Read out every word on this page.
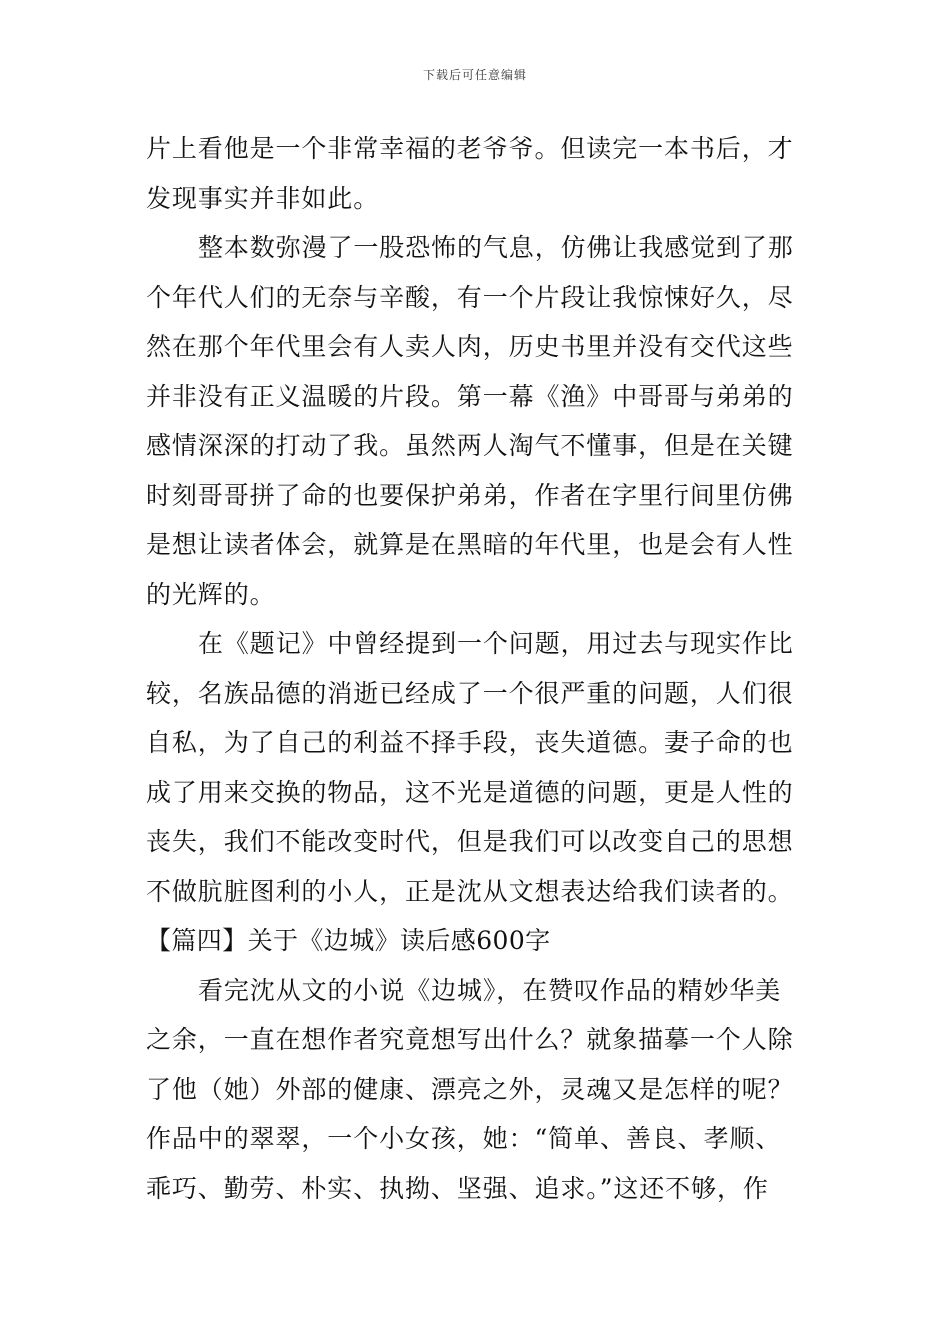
下载后可任意编辑
片上看他是一个非常幸福的老爷爷。但读完一本书后，才
发现事实并非如此。
整本数弥漫了一股恐怖的气息，仿佛让我感觉到了那
个年代人们的无奈与辛酸，有一个片段让我惊悚好久，尽
然在那个年代里会有人卖人肉，历史书里并没有交代这些
并非没有正义温暖的片段。第一幕《渔》中哥哥与弟弟的
感情深深的打动了我。虽然两人淘气不懂事，但是在关键
时刻哥哥拼了命的也要保护弟弟，作者在字里行间里仿佛
是想让读者体会，就算是在黑暗的年代里，也是会有人性
的光辉的。
在《题记》中曾经提到一个问题，用过去与现实作比
较，名族品德的消逝已经成了一个很严重的问题，人们很
自私，为了自己的利益不择手段，丧失道德。妻子命的也
成了用来交换的物品，这不光是道德的问题，更是人性的
丧失，我们不能改变时代，但是我们可以改变自己的思想
不做肮脏图利的小人，正是沈从文想表达给我们读者的。
【篇四】关于《边城》读后感600字
看完沈从文的小说《边城》，在赞叹作品的精妙华美
之余，一直在想作者究竟想写出什么？就象描摹一个人除
了他（她）外部的健康、漂亮之外，灵魂又是怎样的呢？
作品中的翠翠，一个小女孩，她：“简单、善良、孝顺、
乖巧、勤劳、朴实、执拗、坚强、追求。”这还不够，作
